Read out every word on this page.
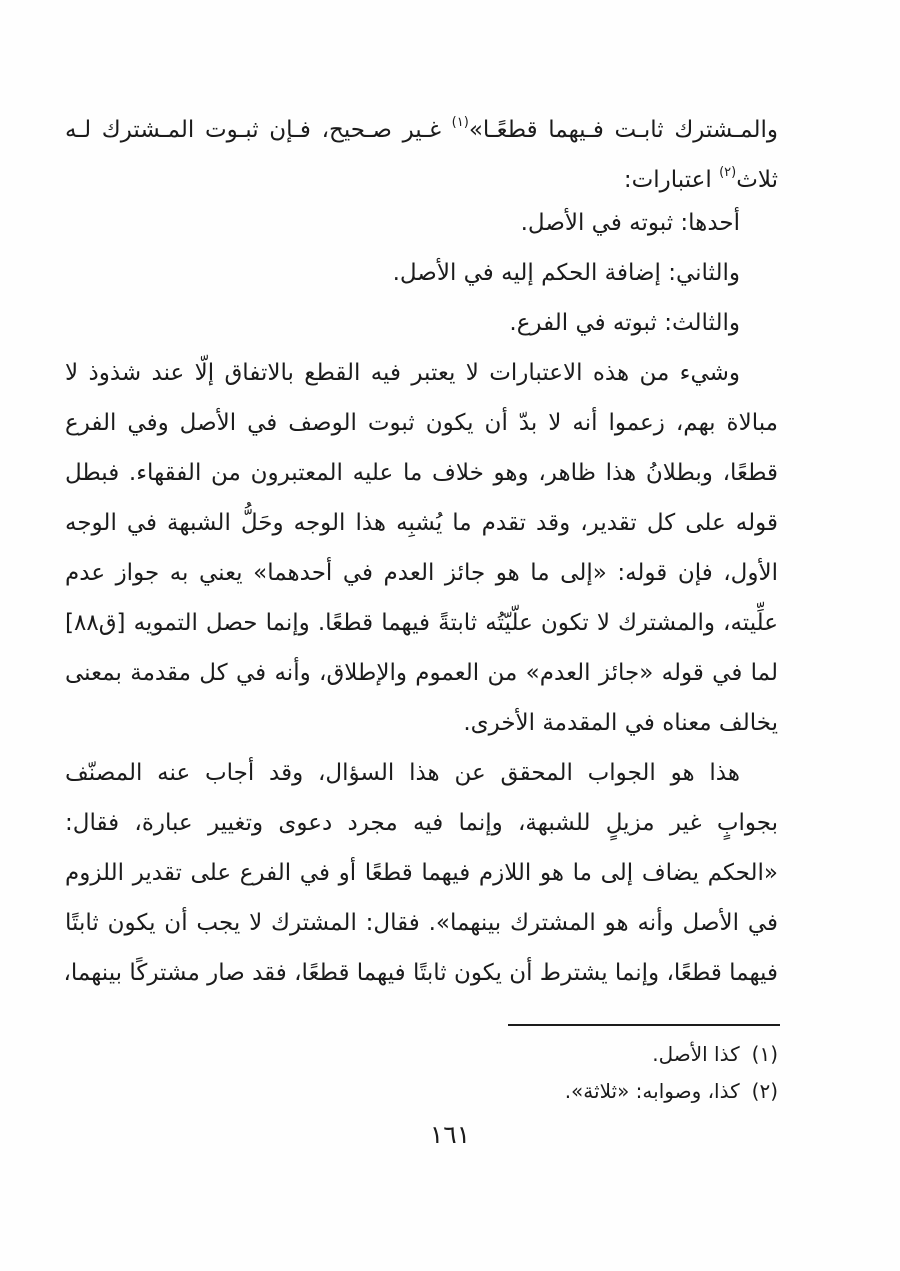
والمـشترك ثابـت فـيهما قطعًـا»$^{(١)}$ غـير صـحيح، فـإن ثبـوت المـشترك لـه
ثلاث$^{(٢)}$ اعتبارات:
أحدها: ثبوته في الأصل.
والثاني: إضافة الحكم إليه في الأصل.
والثالث: ثبوته في الفرع.
وشيء من هذه الاعتبارات لا يعتبر فيه القطع بالاتفاق إلّا عند شذوذ لا
مبالاة بهم، زعموا أنه لا بدّ أن يكون ثبوت الوصف في الأصل وفي الفرع
قطعًا، وبطلانُ هذا ظاهر، وهو خلاف ما عليه المعتبرون من الفقهاء. فبطل
قوله على كل تقدير، وقد تقدم ما يُشبِه هذا الوجه وحَلُّ الشبهة في الوجه
الأول، فإن قوله: «إلى ما هو جائز العدم في أحدهما» يعني به جواز عدم
علِّيته، والمشترك لا تكون علّيّتُه ثابتةً فيهما قطعًا. وإنما حصل التمويه [ق٨٨]
لما في قوله «جائز العدم» من العموم والإطلاق، وأنه في كل مقدمة بمعنى
يخالف معناه في المقدمة الأخرى.
هذا هو الجواب المحقق عن هذا السؤال، وقد أجاب عنه المصنّف
بجوابٍ غير مزيلٍ للشبهة، وإنما فيه مجرد دعوى وتغيير عبارة، فقال:
«الحكم يضاف إلى ما هو اللازم فيهما قطعًا أو في الفرع على تقدير اللزوم
في الأصل وأنه هو المشترك بينهما». فقال: المشترك لا يجب أن يكون ثابتًا
فيهما قطعًا، وإنما يشترط أن يكون ثابتًا فيهما قطعًا، فقد صار مشتركًا بينهما،
(١)كذا الأصل.
(٢)كذا، وصوابه: «ثلاثة».
١٦١
